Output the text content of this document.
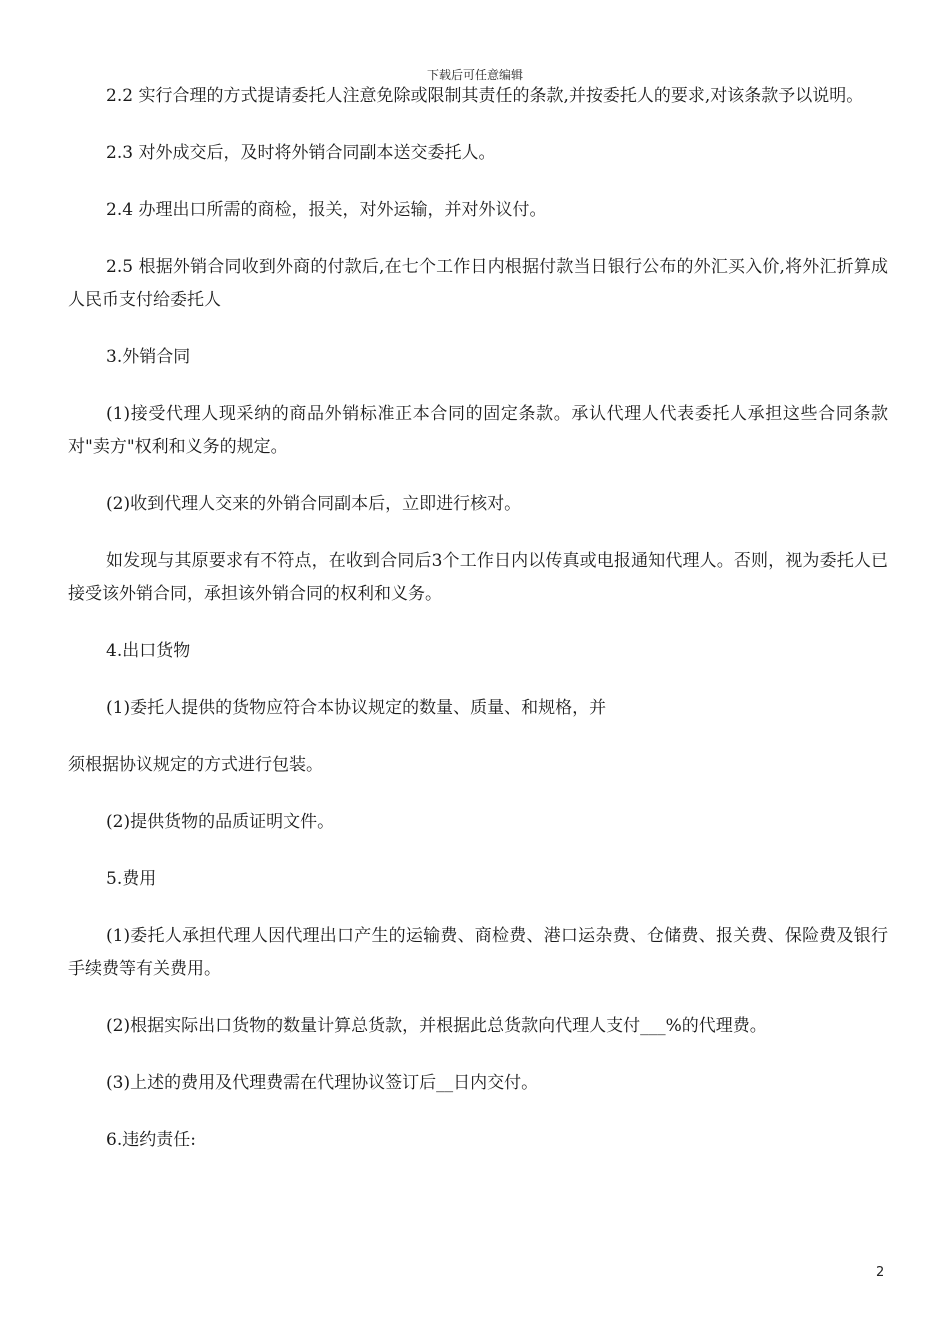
下载后可任意编辑

2.2 实行合理的方式提请委托人注意免除或限制其责任的条款,并按委托人的要求,对该条款予以说明。

2.3 对外成交后，及时将外销合同副本送交委托人。

2.4 办理出口所需的商检，报关，对外运输，并对外议付。

2.5 根据外销合同收到外商的付款后,在七个工作日内根据付款当日银行公布的外汇买入价,将外汇折算成人民币支付给委托人

3.外销合同

(1)接受代理人现采纳的商品外销标准正本合同的固定条款。承认代理人代表委托人承担这些合同条款对"卖方"权利和义务的规定。

(2)收到代理人交来的外销合同副本后，立即进行核对。

如发现与其原要求有不符点，在收到合同后3个工作日内以传真或电报通知代理人。否则，视为委托人已接受该外销合同，承担该外销合同的权利和义务。

4.出口货物

(1)委托人提供的货物应符合本协议规定的数量、质量、和规格，并

须根据协议规定的方式进行包装。

(2)提供货物的品质证明文件。

5.费用

(1)委托人承担代理人因代理出口产生的运输费、商检费、港口运杂费、仓储费、报关费、保险费及银行手续费等有关费用。

(2)根据实际出口货物的数量计算总货款，并根据此总货款向代理人支付___%的代理费。

(3)上述的费用及代理费需在代理协议签订后__日内交付。

6.违约责任:

2
